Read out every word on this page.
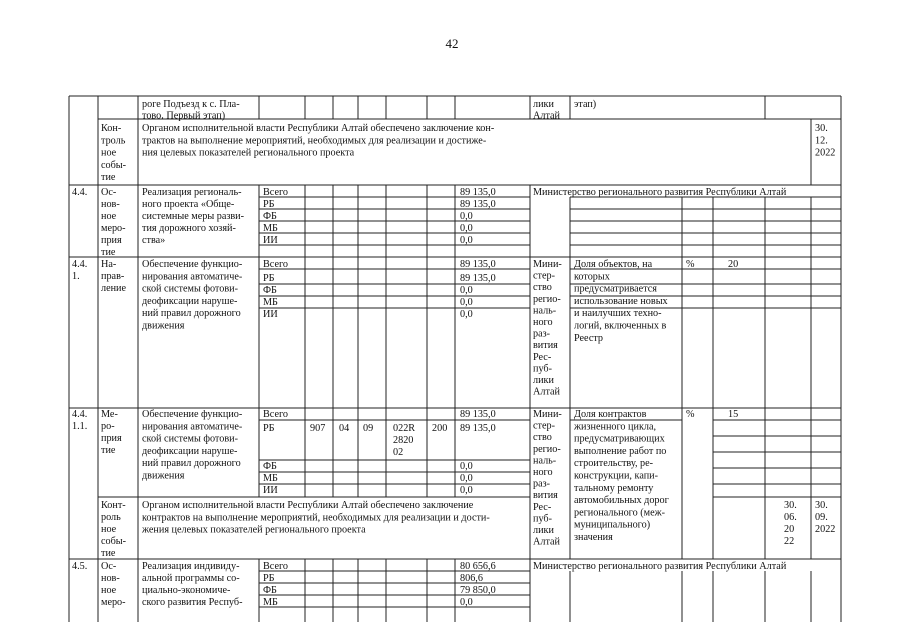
42
роге Подъезд к с. Пла-
тово. Первый этап)
лики
Алтай
этап)
Кон-
троль
ное
собы-
тие
Органом исполнительной власти Республики Алтай обеспечено заключение кон-
трактов на выполнение мероприятий, необходимых для реализации и достиже-
ния целевых показателей регионального проекта
30.
12.
2022
4.4. Ос-
нов-
ное
меро-
прия
тие
Реализация региональ-
ного проекта «Обще-
системные меры разви-
тия дорожного хозяй-
ства»
Всего
РБ
ФБ
МБ
ИИ
89 135,0
89 135,0
0,0
0,0
0,0
Министерство регионального развития Республики Алтай
4.4.
1.
На-
прав-
ление
Обеспечение функцио-
нирования автоматиче-
ской системы фотови-
деофиксации наруше-
ний правил дорожного
движения
Всего
РБ
ФБ
МБ
ИИ
89 135,0
89 135,0
0,0
0,0
0,0
Мини-
стер-
ство
регио-
наль-
ного
раз-
вития
Рес-
пуб-
лики
Алтай
Доля объектов, на
которых
предусматривается
использование новых
и наилучших техно-
логий, включенных в
Реестр
%	20
4.4.
1.1.
Ме-
ро-
прия
тие
Обеспечение функцио-
нирования автоматиче-
ской системы фотови-
деофиксации наруше-
ний правил дорожного
движения
Всего
РБ
ФБ
МБ
ИИ
907 04 09 022R
2820
02
200
89 135,0
89 135,0
0,0
0,0
0,0
Мини-
стер-
ство
регио-
наль-
ного
раз-
вития
Рес-
пуб-
лики
Алтай
Доля контрактов
жизненного цикла,
предусматривающих
выполнение работ по
строительству, ре-
конструкции, капи-
тальному ремонту
автомобильных дорог
регионального (меж-
муниципального)
значения
%	15
Конт-
роль
ное
собы-
тие
Органом исполнительной власти Республики Алтай обеспечено заключение
контрактов на выполнение мероприятий, необходимых для реализации и дости-
жения целевых показателей регионального проекта
30.
06.
20
22
30.
09.
2022
4.5. Ос-
нов-
ное
меро-
Реализация индивиду-
альной программы со-
циально-экономиче-
ского развития Респуб-
Всего
РБ
ФБ
МБ
80 656,6
806,6
79 850,0
0,0
Министерство регионального развития Республики Алтай
